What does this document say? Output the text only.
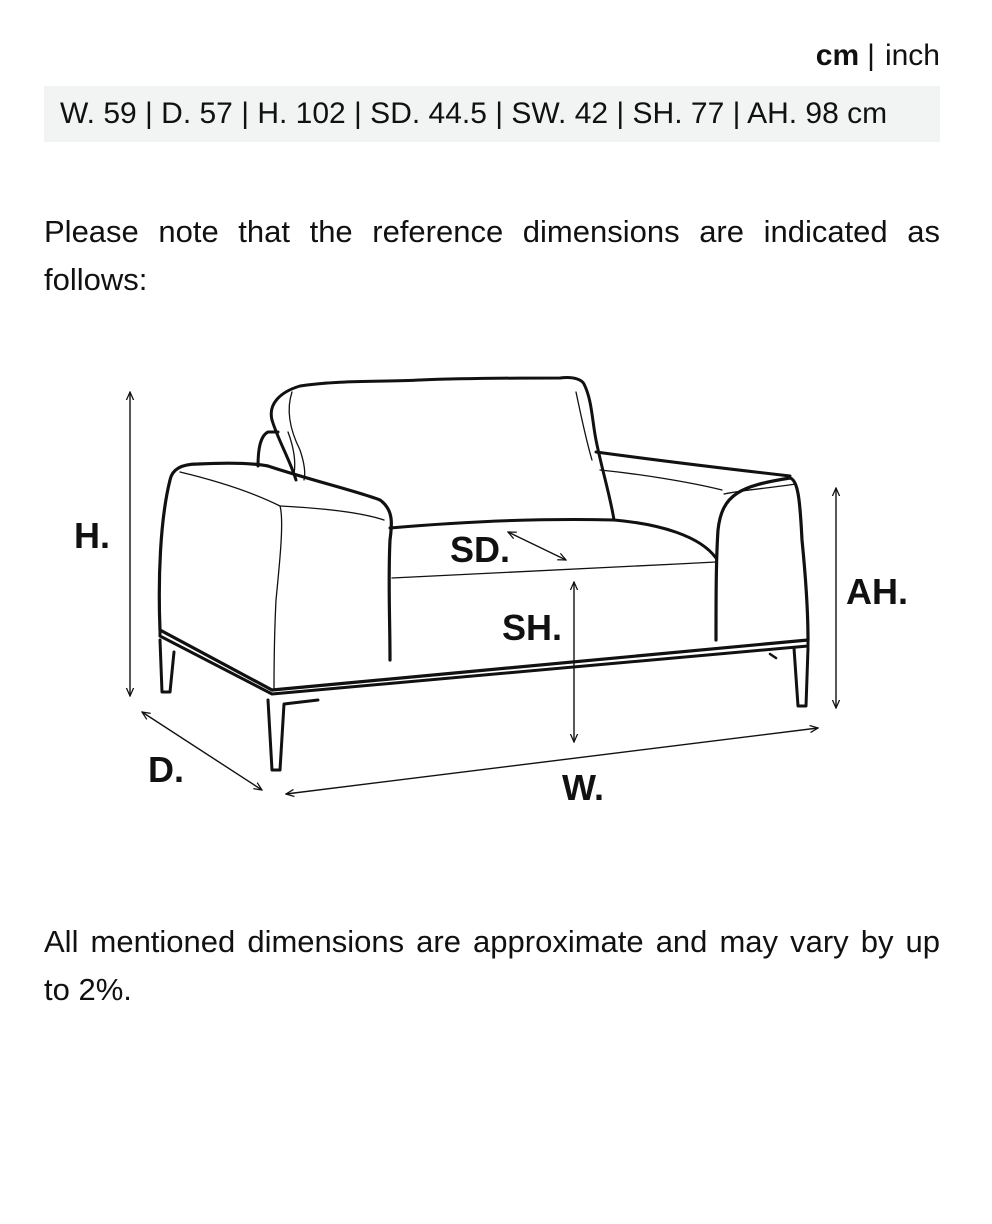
cm | inch
W. 59 | D. 57 | H. 102 | SD. 44.5 | SW. 42 | SH. 77 | AH. 98 cm

Please note that the reference dimensions are indicated as follows:

H.	SD.
SH.
AH.
D.	W.

All mentioned dimensions are approximate and may vary by up to 2%.
